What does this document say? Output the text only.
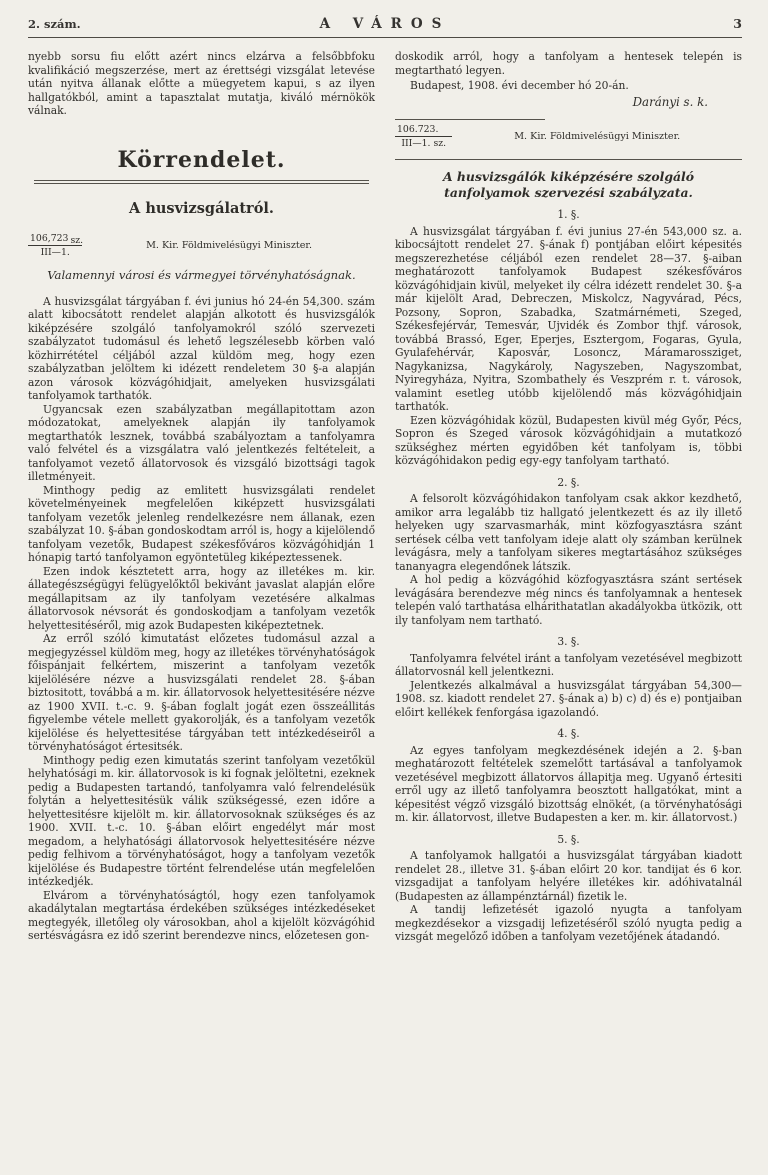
2. szám.	A VÁROS	3

nyebb sorsu fiu előtt azért nincs elzárva a felsőbbfoku kvalifikáció megszerzése, mert az érettségi vizsgálat letevése után nyitva állanak előtte a müegyetem kapui, s az ilyen hallgatókból, amint a tapasztalat mutatja, kiváló mérnökök válnak.

Körrendelet.
A husvizsgálatról.
$\frac{106,723}{\text{III—1.}}$
sz.	M. Kir. Földmivelésügyi Miniszter.

Valamennyi városi és vármegyei törvényhatóságnak.

A husvizsgálat tárgyában f. évi junius hó 24-én 54,300. szám alatt kibocsátott rendelet alapján alkotott és husvizsgálók kiképzésére szolgáló tanfolyamokról szóló szervezeti szabályzatot tudomásul és lehető legszélesebb körben való közhirrététel céljából azzal küldöm meg, hogy ezen szabályzatban jelöltem ki idézett rendeletem 30 §-a alapján azon városok közvágóhidjait, amelyeken husvizsgálati tanfolyamok tarthatók.

Ugyancsak ezen szabályzatban megállapitottam azon módozatokat, amelyeknek alapján ily tanfolyamok megtarthatók lesznek, továbbá szabályoztam a tanfolyamra való felvétel és a vizsgálatra való jelentkezés feltételeit, a tanfolyamot vezető állatorvosok és vizsgáló bizottsági tagok illetményeit.

Minthogy pedig az emlitett husvizsgálati rendelet követelményeinek megfelelően kiképzett husvizsgálati tanfolyam vezetők jelenleg rendelkezésre nem állanak, ezen szabályzat 10. §-ában gondoskodtam arról is, hogy a kijelölendő tanfolyam vezetők, Budapest székesfőváros közvágóhidján 1 hónapig tartó tanfolyamon egyöntetüleg kiképeztessenek.

Ezen indok késztetett arra, hogy az illetékes m. kir. állategészségügyi felügyelőktől bekivánt javaslat alapján előre megállapitsam az ily tanfolyam vezetésére alkalmas állatorvosok névsorát és gondoskodjam a tanfolyam vezetők helyettesitéséről, mig azok Budapesten kiképeztetnek.

Az erről szóló kimutatást előzetes tudomásul azzal a megjegyzéssel küldöm meg, hogy az illetékes törvényhatóságok főispánjait felkértem, miszerint a tanfolyam vezetők kijelölésére nézve a husvizsgálati rendelet 28. §-ában biztositott, továbbá a m. kir. állatorvosok helyettesitésére nézve az 1900 XVII. t.-c. 9. §-ában foglalt jogát ezen összeállitás figyelembe vétele mellett gyakorolják, és a tanfolyam vezetők kijelölése és helyettesitése tárgyában tett intézkedéseiről a törvényhatóságot értesitsék.

Minthogy pedig ezen kimutatás szerint tanfolyam vezetőkül helyhatósági m. kir. állatorvosok is ki fognak jelöltetni, ezeknek pedig a Budapesten tartandó, tanfolyamra való felrendelésük folytán a helyettesitésük válik szükségessé, ezen időre a helyettesitésre kijelölt m. kir. állatorvosoknak szükséges és az 1900. XVII. t.-c. 10. §-ában előirt engedélyt már most megadom, a helyhatósági állatorvosok helyettesitésére nézve pedig felhivom a törvényhatóságot, hogy a tanfolyam vezetők kijelölése és Budapestre történt felrendelése után megfelelően intézkedjék.

Elvárom a törvényhatóságtól, hogy ezen tanfolyamok akadálytalan megtartása érdekében szükséges intézkedéseket megtegyék, illetőleg oly városokban, ahol a kijelölt közvágóhid sertésvágásra ez idő szerint berendezve nincs, előzetesen gon-

doskodik arról, hogy a tanfolyam a hentesek telepén is megtartható legyen.

Budapest, 1908. évi december hó 20-án.

Darányi s. k.

$\frac{106.723.}{\text{III—1. sz.}}$	M. Kir. Földmivelésügyi Miniszter.

A husvizsgálók kiképzésére szolgáló tanfolyamok szervezési szabályzata.

1. §.

A husvizsgálat tárgyában f. évi junius 27-én 543,000 sz. a. kibocsájtott rendelet 27. §-ának f) pontjában előirt képesités megszerezhetése céljából ezen rendelet 28—37. §-aiban meghatározott tanfolyamok Budapest székesfőváros közvágóhidjain kivül, melyeket ily célra idézett rendelet 30. §-a már kijelölt Arad, Debreczen, Miskolcz, Nagyvárad, Pécs, Pozsony, Sopron, Szabadka, Szatmárnémeti, Szeged, Székesfejérvár, Temesvár, Ujvidék és Zombor thjf. városok, továbbá Brassó, Eger, Eperjes, Esztergom, Fogaras, Gyula, Gyulafehérvár, Kaposvár, Losoncz, Máramarossziget, Nagykanizsa, Nagykároly, Nagyszeben, Nagyszombat, Nyiregyháza, Nyitra, Szombathely és Veszprém r. t. városok, valamint esetleg utóbb kijelölendő más közvágóhidjain tarthatók.

Ezen közvágóhidak közül, Budapesten kivül még Győr, Pécs, Sopron és Szeged városok közvágóhidjain a mutatkozó szükséghez mérten egyidőben két tanfolyam is, többi közvágóhidakon pedig egy-egy tanfolyam tartható.

2. §.

A felsorolt közvágóhidakon tanfolyam csak akkor kezdhető, amikor arra legalább tiz hallgató jelentkezett és az ily illető helyeken ugy szarvasmarhák, mint közfogyasztásra szánt sertések célba vett tanfolyam ideje alatt oly számban kerülnek levágásra, mely a tanfolyam sikeres megtartásához szükséges tananyagra elegendőnek látszik.

A hol pedig a közvágóhid közfogyasztásra szánt sertések levágására berendezve még nincs és tanfolyamnak a hentesek telepén való tarthatása elhárithatatlan akadályokba ütközik, ott ily tanfolyam nem tartható.

3. §.

Tanfolyamra felvétel iránt a tanfolyam vezetésével megbizott állatorvosnál kell jelentkezni.

Jelentkezés alkalmával a husvizsgálat tárgyában 54,300—1908. sz. kiadott rendelet 27. §-ának a) b) c) d) és e) pontjaiban előirt kellékek fenforgása igazolandó.

4. §.

Az egyes tanfolyam megkezdésének idején a 2. §-ban meghatározott feltételek szemelőtt tartásával a tanfolyamok vezetésével megbizott állatorvos állapitja meg. Ugyanő értesiti erről ugy az illető tanfolyamra beosztott hallgatókat, mint a képesitést végző vizsgáló bizottság elnökét, (a törvényhatósági m. kir. állatorvost, illetve Budapesten a ker. m. kir. állatorvost.)

5. §.

A tanfolyamok hallgatói a husvizsgálat tárgyában kiadott rendelet 28., illetve 31. §-ában előirt 20 kor. tandijat és 6 kor. vizsgadijat a tanfolyam helyére illetékes kir. adóhivatalnál (Budapesten az állampénztárnál) fizetik le.

A tandij lefizetését igazoló nyugta a tanfolyam megkezdésekor a vizsgadij lefizetéséről szóló nyugta pedig a vizsgát megelőző időben a tanfolyam vezetőjének átadandó.
